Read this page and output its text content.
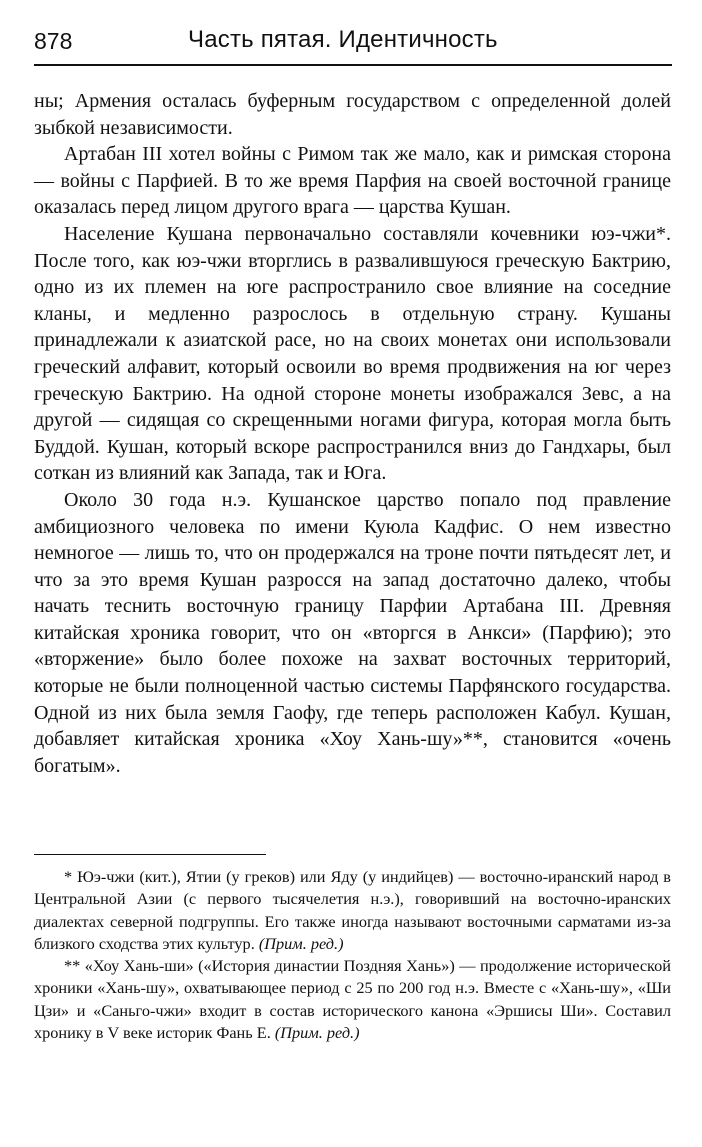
878	Часть пятая. Идентичность

ны; Армения осталась буферным государством с определенной долей зыбкой независимости.

Артабан III хотел войны с Римом так же мало, как и римская сторона — войны с Парфией. В то же время Парфия на своей восточной границе оказалась перед лицом другого врага — царства Кушан.

Население Кушана первоначально составляли кочевники юэ-чжи*. После того, как юэ-чжи вторглись в развалившуюся греческую Бактрию, одно из их племен на юге распространило свое влияние на соседние кланы, и медленно разрослось в отдельную страну. Кушаны принадлежали к азиатской расе, но на своих монетах они использовали греческий алфавит, который освоили во время продвижения на юг через греческую Бактрию. На одной стороне монеты изображался Зевс, а на другой — сидящая со скрещенными ногами фигура, которая могла быть Буддой. Кушан, который вскоре распространился вниз до Гандхары, был соткан из влияний как Запада, так и Юга.

Около 30 года н.э. Кушанское царство попало под правление амбициозного человека по имени Куюла Кадфис. О нем известно немногое — лишь то, что он продержался на троне почти пятьдесят лет, и что за это время Кушан разросся на запад достаточно далеко, чтобы начать теснить восточную границу Парфии Артабана III. Древняя китайская хроника говорит, что он «вторгся в Анкси» (Парфию); это «вторжение» было более похоже на захват восточных территорий, которые не были полноценной частью системы Парфянского государства. Одной из них была земля Гаофу, где теперь расположен Кабул. Кушан, добавляет китайская хроника «Хоу Хань-шу»**, становится «очень богатым».

* Юэ-чжи (кит.), Ятии (у греков) или Яду (у индийцев) — восточно-иранский народ в Центральной Азии (с первого тысячелетия н.э.), говоривший на восточно-иранских диалектах северной подгруппы. Его также иногда называют восточными сарматами из-за близкого сходства этих культур. (Прим. ред.)

** «Хоу Хань-ши» («История династии Поздняя Хань») — продолжение исторической хроники «Хань-шу», охватывающее период с 25 по 200 год н.э. Вместе с «Хань-шу», «Ши Цзи» и «Саньго-чжи» входит в состав исторического канона «Эршисы Ши». Составил хронику в V веке историк Фань Е. (Прим. ред.)
